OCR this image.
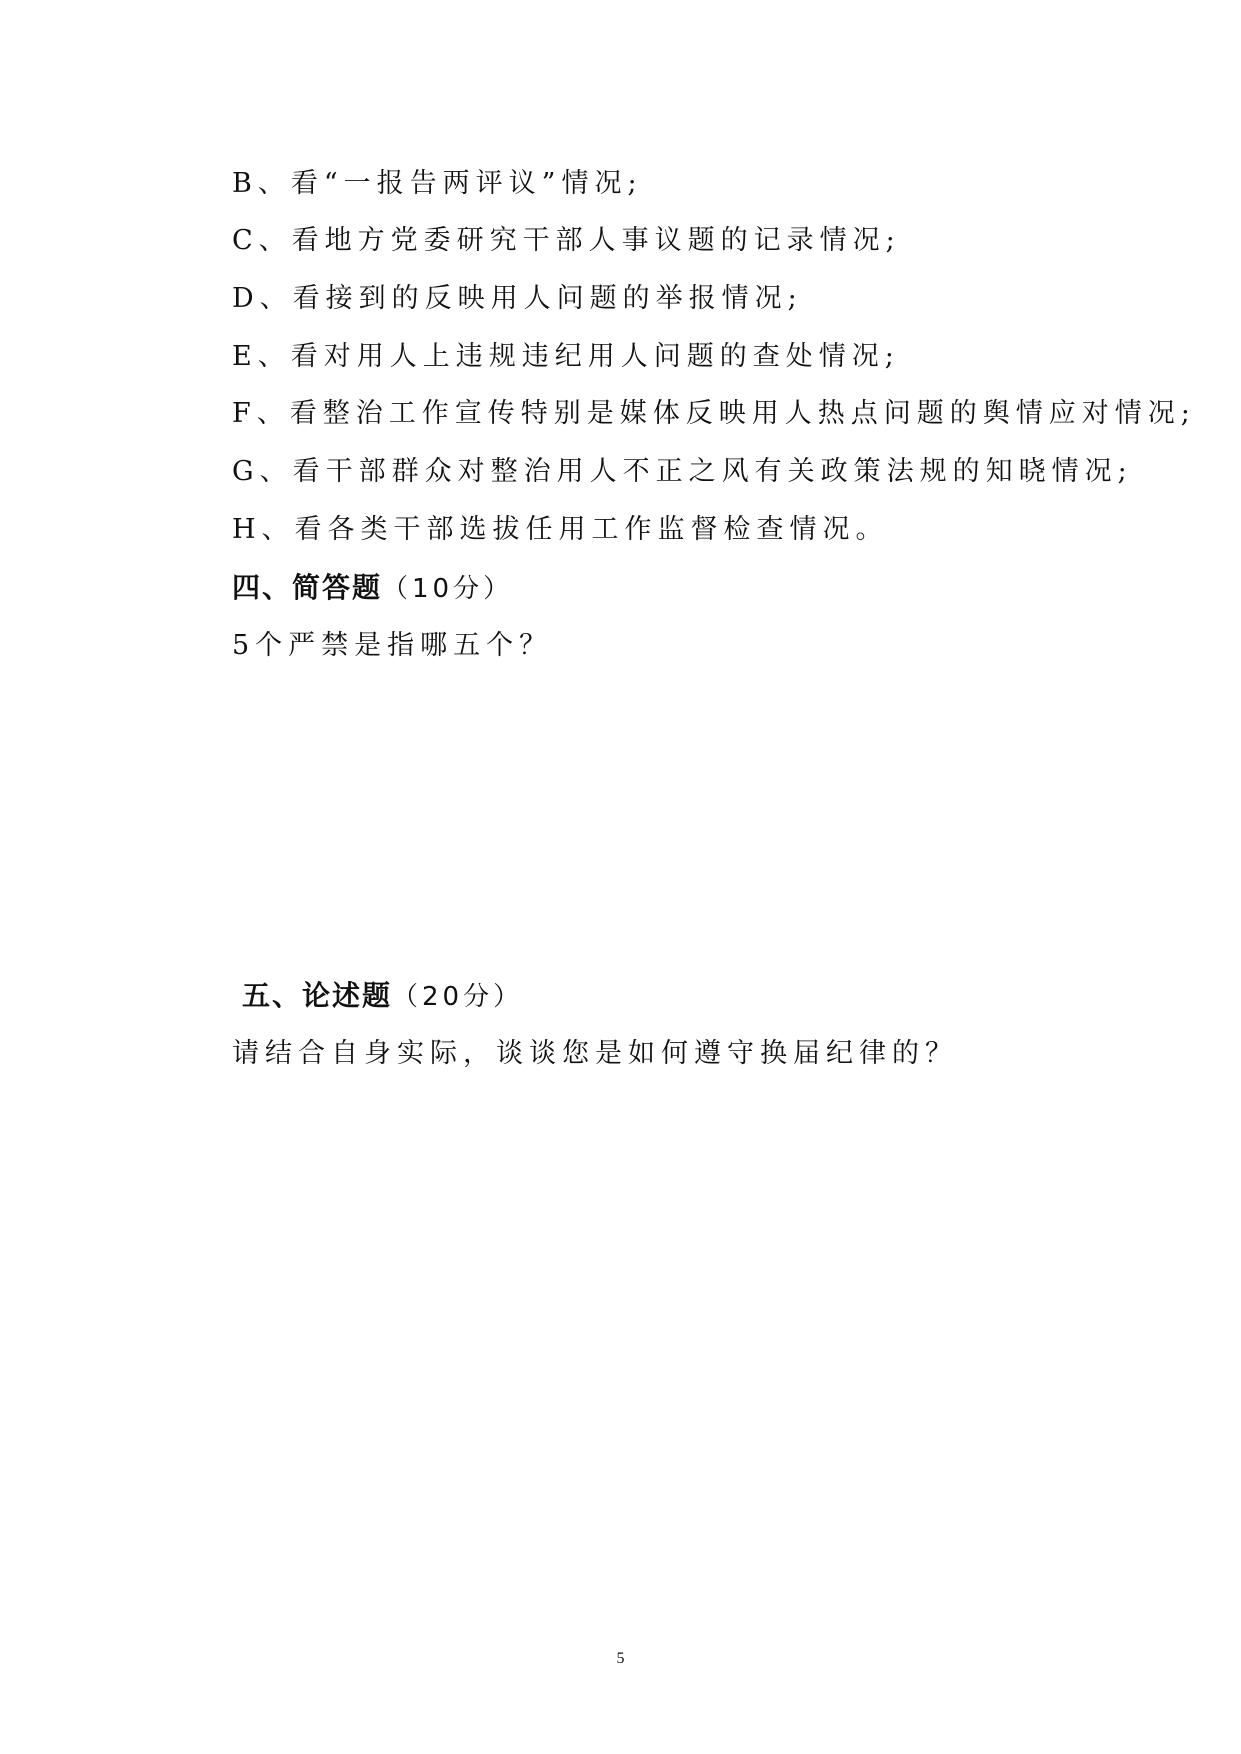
B、看“一报告两评议”情况;
C、看地方党委研究干部人事议题的记录情况;
D、看接到的反映用人问题的举报情况;
E、看对用人上违规违纪用人问题的查处情况;
F、看整治工作宣传特别是媒体反映用人热点问题的舆情应对情况;
G、看干部群众对整治用人不正之风有关政策法规的知晓情况;
H、看各类干部选拔任用工作监督检查情况。
四、简答题（10分）
5个严禁是指哪五个？
五、论述题（20分）
请结合自身实际，谈谈您是如何遵守换届纪律的？
5
